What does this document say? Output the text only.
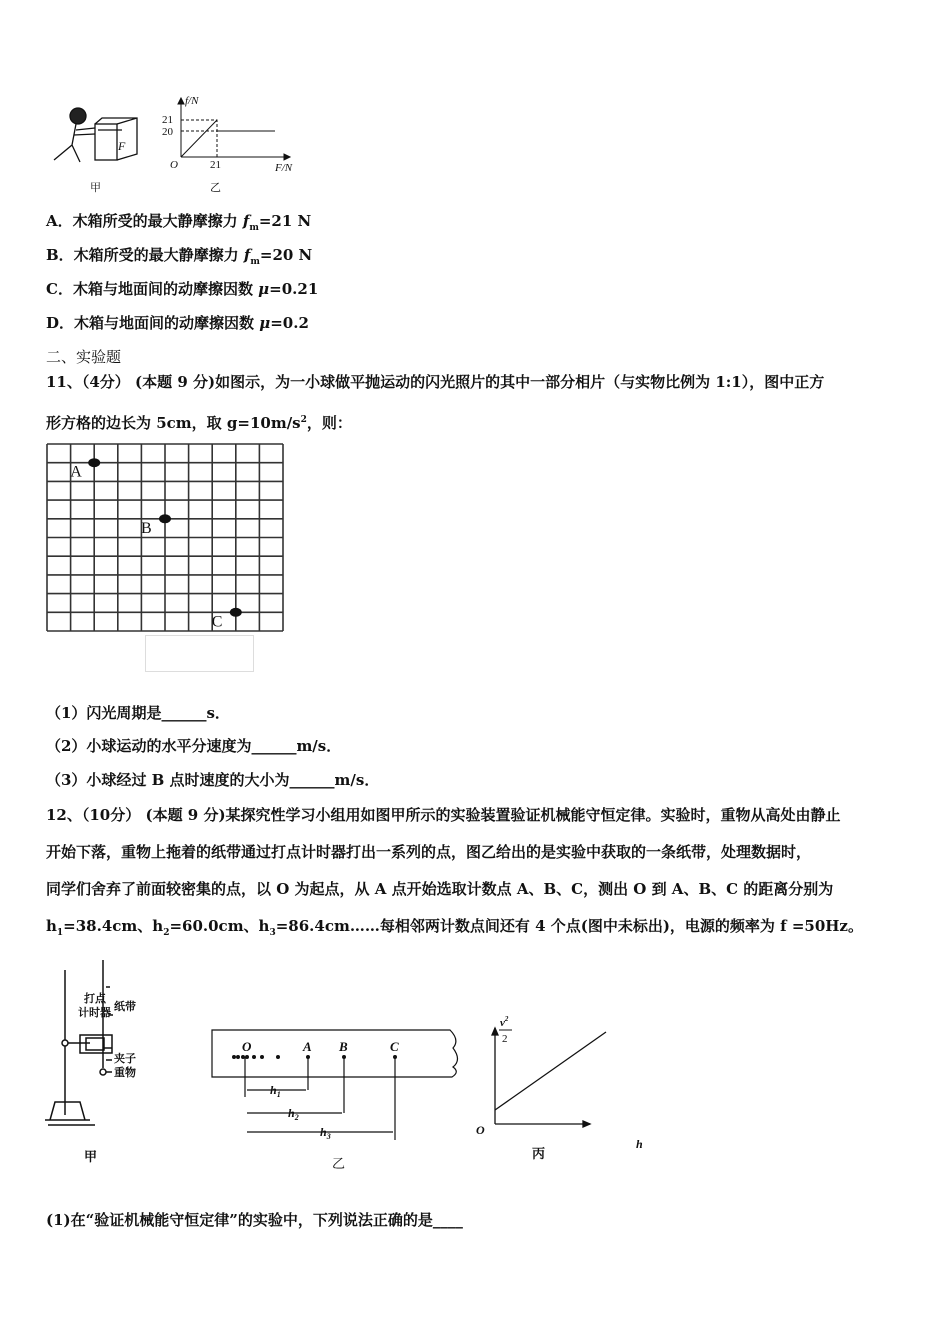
F
甲
f/N
21
20
O	21	F/N
乙
A．木箱所受的最大静摩擦力 $f_m=21$ N
B．木箱所受的最大静摩擦力 $f_m=20$ N
C．木箱与地面间的动摩擦因数 μ=0.21
D．木箱与地面间的动摩擦因数 μ=0.2
二、实验题
11、（4分） (本题 9 分)如图示，为一小球做平抛运动的闪光照片的其中一部分相片（与实物比例为 1:1），图中正方
形方格的边长为 5cm，取 $g=10m/s^2$，则：
A
B
C
（1）闪光周期是______s．
（2）小球运动的水平分速度为______m/s．
（3）小球经过 B 点时速度的大小为______m/s．
12、（10分） (本题 9 分)某探究性学习小组用如图甲所示的实验装置验证机械能守恒定律。实验时，重物从高处由静止
开始下落，重物上拖着的纸带通过打点计时器打出一系列的点，图乙给出的是实验中获取的一条纸带，处理数据时，
同学们舍弃了前面较密集的点，以 O 为起点，从 A 点开始选取计数点 A、B、C，测出 O 到 A、B、C 的距离分别为
$h_1=38.4cm$、$h_2=60.0cm$、$h_3=86.4cm\dots\dots$每相邻两计数点间还有 4 个点(图中未标出)，电源的频率为 f =50Hz。
打点
计时器 纸带
夹子
重物
甲
O	A B	C
$h_1$
$h_2$
$h_3$
乙
$v^2$
2
O
h
丙
(1)在“验证机械能守恒定律”的实验中，下列说法正确的是____
